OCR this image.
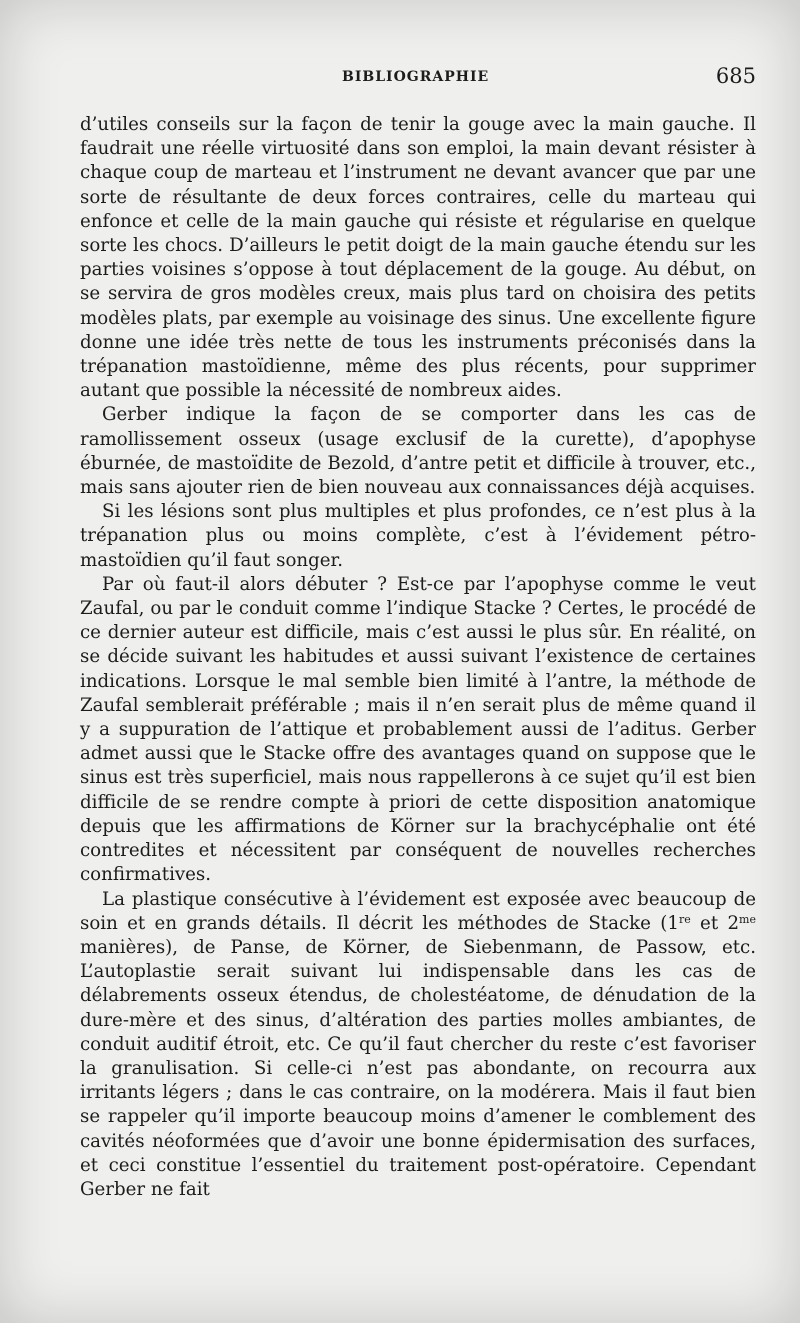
BIBLIOGRAPHIE	685

d’utiles conseils sur la façon de tenir la gouge avec la main gauche. Il faudrait une réelle virtuosité dans son emploi, la main devant résister à chaque coup de marteau et l’instrument ne devant avancer que par une sorte de résultante de deux forces contraires, celle du marteau qui enfonce et celle de la main gauche qui résiste et régularise en quelque sorte les chocs. D’ailleurs le petit doigt de la main gauche étendu sur les parties voisines s’oppose à tout déplacement de la gouge. Au début, on se servira de gros modèles creux, mais plus tard on choisira des petits modèles plats, par exemple au voisinage des sinus. Une excellente figure donne une idée très nette de tous les instruments préconisés dans la trépanation mastoïdienne, même des plus récents, pour supprimer autant que possible la nécessité de nombreux aides.

Gerber indique la façon de se comporter dans les cas de ramollissement osseux (usage exclusif de la curette), d’apophyse éburnée, de mastoïdite de Bezold, d’antre petit et difficile à trouver, etc., mais sans ajouter rien de bien nouveau aux connaissances déjà acquises.

Si les lésions sont plus multiples et plus profondes, ce n’est plus à la trépanation plus ou moins complète, c’est à l’évidement pétro-mastoïdien qu’il faut songer.

Par où faut-il alors débuter ? Est-ce par l’apophyse comme le veut Zaufal, ou par le conduit comme l’indique Stacke ? Certes, le procédé de ce dernier auteur est difficile, mais c’est aussi le plus sûr. En réalité, on se décide suivant les habitudes et aussi suivant l’existence de certaines indications. Lorsque le mal semble bien limité à l’antre, la méthode de Zaufal semblerait préférable ; mais il n’en serait plus de même quand il y a suppuration de l’attique et probablement aussi de l’aditus. Gerber admet aussi que le Stacke offre des avantages quand on suppose que le sinus est très superficiel, mais nous rappellerons à ce sujet qu’il est bien difficile de se rendre compte à priori de cette disposition anatomique depuis que les affirmations de Körner sur la brachycéphalie ont été contredites et nécessitent par conséquent de nouvelles recherches confirmatives.

La plastique consécutive à l’évidement est exposée avec beaucoup de soin et en grands détails. Il décrit les méthodes de Stacke (1re et $2^{me}$ manières), de Panse, de Körner, de Siebenmann, de Passow, etc. L’autoplastie serait suivant lui indispensable dans les cas de délabrements osseux étendus, de cholestéatome, de dénudation de la dure-mère et des sinus, d’altération des parties molles ambiantes, de conduit auditif étroit, etc. Ce qu’il faut chercher du reste c’est favoriser la granulisation. Si celle-ci n’est pas abondante, on recourra aux irritants légers ; dans le cas contraire, on la modérera. Mais il faut bien se rappeler qu’il importe beaucoup moins d’amener le comblement des cavités néoformées que d’avoir une bonne épidermisation des surfaces, et ceci constitue l’essentiel du traitement post-opératoire. Cependant Gerber ne fait
